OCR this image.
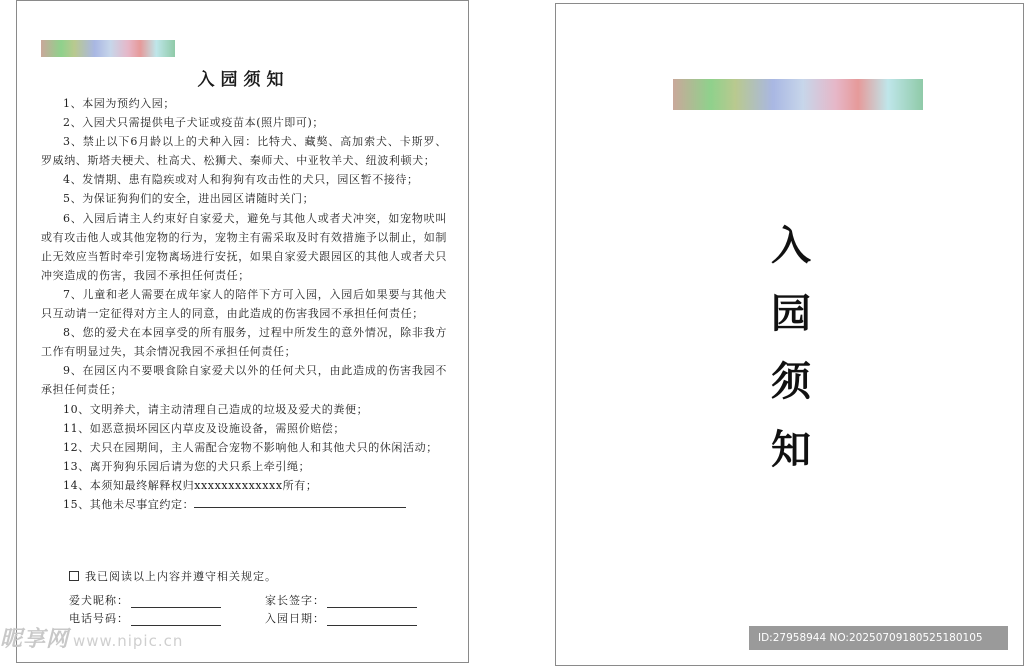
入园须知

1、本园为预约入园；

2、入园犬只需提供电子犬证或疫苗本(照片即可)；

3、禁止以下6月龄以上的犬种入园：比特犬、藏獒、高加索犬、卡斯罗、罗威纳、斯塔夫梗犬、杜高犬、松狮犬、秦师犬、中亚牧羊犬、纽波利顿犬；

4、发情期、患有隐疾或对人和狗狗有攻击性的犬只，园区暂不接待；

5、为保证狗狗们的安全，进出园区请随时关门；

6、入园后请主人约束好自家爱犬，避免与其他人或者犬冲突，如宠物吠叫或有攻击他人或其他宠物的行为，宠物主有需采取及时有效措施予以制止，如制止无效应当暂时牵引宠物离场进行安抚，如果自家爱犬跟园区的其他人或者犬只冲突造成的伤害，我园不承担任何责任；

7、儿童和老人需要在成年家人的陪伴下方可入园，入园后如果要与其他犬只互动请一定征得对方主人的同意，由此造成的伤害我园不承担任何责任；

8、您的爱犬在本园享受的所有服务，过程中所发生的意外情况，除非我方工作有明显过失，其余情况我园不承担任何责任；

9、在园区内不要喂食除自家爱犬以外的任何犬只，由此造成的伤害我园不承担任何责任；

10、文明养犬，请主动清理自己造成的垃圾及爱犬的粪便；

11、如恶意损坏园区内草皮及设施设备，需照价赔偿；

12、犬只在园期间，主人需配合宠物不影响他人和其他犬只的休闲活动；

13、离开狗狗乐园后请为您的犬只系上牵引绳；

14、本须知最终解释权归xxxxxxxxxxxxx所有；

15、其他未尽事宜约定：

我已阅读以上内容并遵守相关规定。
爱犬昵称：
电话号码：
家长签字：
入园日期：
入
园
须
知
昵享网 www.nipic.cn	ID:27958944 NO:20250709180525180105
